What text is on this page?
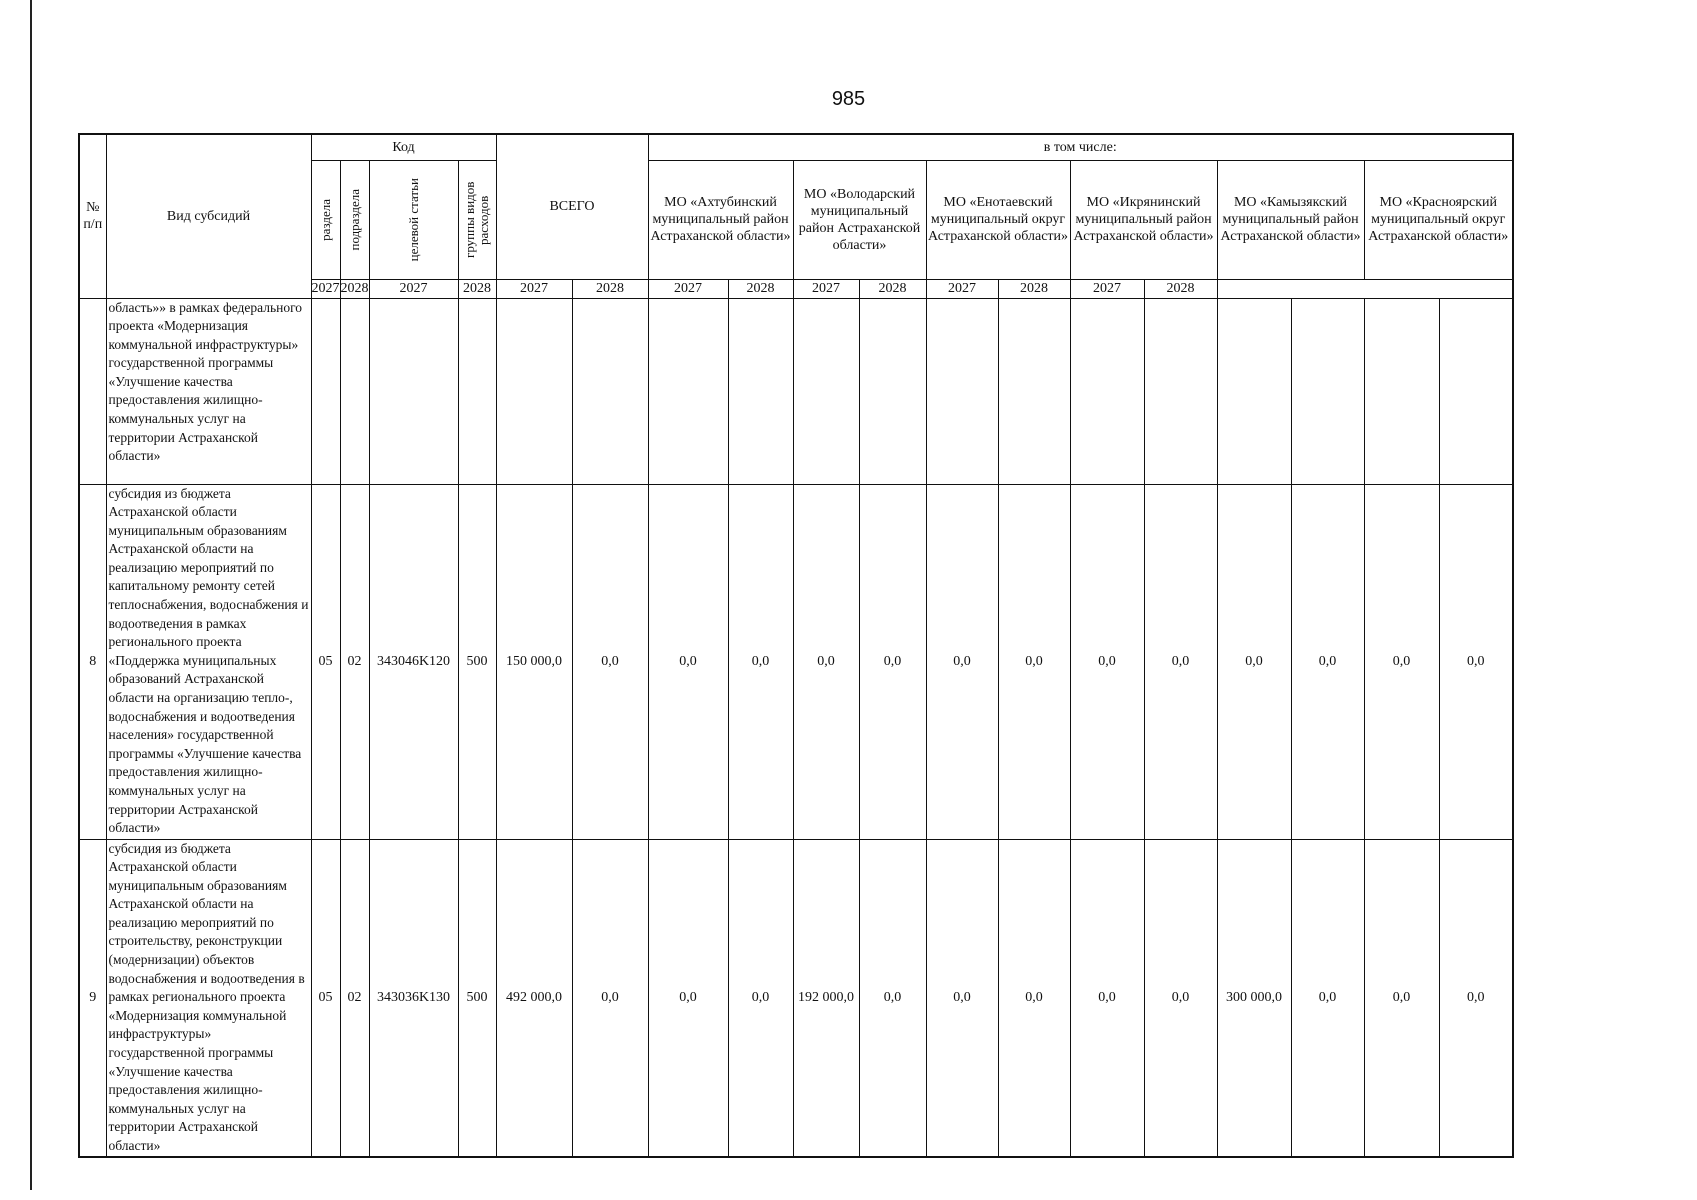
985
№ п/п	Вид субсидий	Код				ВСЕГО		в том числе:											

		раздела	подраздела	целевой статьи	группы видов расходов			МО «Ахтубинский муниципальный район Астраханской области»		МО «Володарский муниципальный район Астраханской области»		МО «Енотаевский муниципальный округ Астраханской области»		МО «Икрянинский муниципальный район Астраханской области»		МО «Камызякский муниципальный район Астраханской области»		МО «Красноярский муниципальный округ Астраханской области»	
		2027	2028	2027	2028	2027	2028	2027	2028	2027	2028	2027	2028	2027	2028				
	область»» в рамках федерального проекта «Модернизация коммунальной инфраструктуры» государственной программы «Улучшение качества предоставления жилищно-коммунальных услуг на территории Астраханской области»																		
8	субсидия из бюджета Астраханской области муниципальным образованиям Астраханской области на реализацию мероприятий по капитальному ремонту сетей теплоснабжения, водоснабжения и водоотведения в рамках регионального проекта «Поддержка муниципальных образований Астраханской области на организацию тепло-, водоснабжения и водоотведения населения» государственной программы «Улучшение качества предоставления жилищно-коммунальных услуг на территории Астраханской области»	05	02	343046K120	500	150 000,0	0,0	0,0	0,0	0,0	0,0	0,0	0,0	0,0	0,0	0,0	0,0	0,0	0,0
9	субсидия из бюджета Астраханской области муниципальным образованиям Астраханской области на реализацию мероприятий по строительству, реконструкции (модернизации) объектов водоснабжения и водоотведения в рамках регионального проекта «Модернизация коммунальной инфраструктуры» государственной программы «Улучшение качества предоставления жилищно-коммунальных услуг на территории Астраханской области»	05	02	343036K130	500	492 000,0	0,0	0,0	0,0	192 000,0	0,0	0,0	0,0	0,0	0,0	300 000,0	0,0	0,0	0,0
